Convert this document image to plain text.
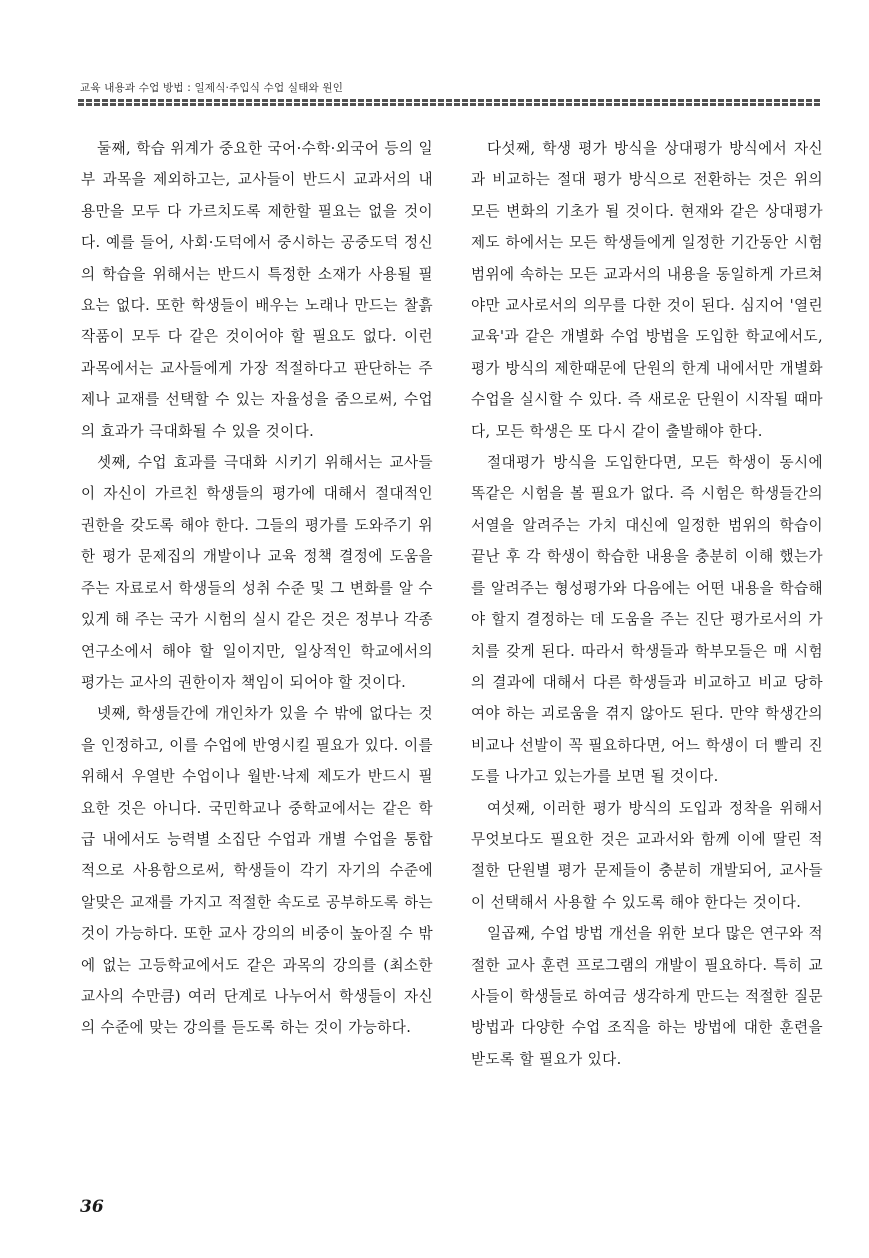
교육 내용과 수업 방법 : 일제식·주입식 수업 실태와 원인

둘째, 학습 위계가 중요한 국어·수학·외국어 등의 일부 과목을 제외하고는, 교사들이 반드시 교과서의 내용만을 모두 다 가르치도록 제한할 필요는 없을 것이다. 예를 들어, 사회·도덕에서 중시하는 공중도덕 정신의 학습을 위해서는 반드시 특정한 소재가 사용될 필요는 없다. 또한 학생들이 배우는 노래나 만드는 찰흙 작품이 모두 다 같은 것이어야 할 필요도 없다. 이런 과목에서는 교사들에게 가장 적절하다고 판단하는 주제나 교재를 선택할 수 있는 자율성을 줌으로써, 수업의 효과가 극대화될 수 있을 것이다.

셋째, 수업 효과를 극대화 시키기 위해서는 교사들이 자신이 가르친 학생들의 평가에 대해서 절대적인 권한을 갖도록 해야 한다. 그들의 평가를 도와주기 위한 평가 문제집의 개발이나 교육 정책 결정에 도움을 주는 자료로서 학생들의 성취 수준 및 그 변화를 알 수 있게 해 주는 국가 시험의 실시 같은 것은 정부나 각종 연구소에서 해야 할 일이지만, 일상적인 학교에서의 평가는 교사의 권한이자 책임이 되어야 할 것이다.

넷째, 학생들간에 개인차가 있을 수 밖에 없다는 것을 인정하고, 이를 수업에 반영시킬 필요가 있다. 이를 위해서 우열반 수업이나 월반·낙제 제도가 반드시 필요한 것은 아니다. 국민학교나 중학교에서는 같은 학급 내에서도 능력별 소집단 수업과 개별 수업을 통합적으로 사용함으로써, 학생들이 각기 자기의 수준에 알맞은 교재를 가지고 적절한 속도로 공부하도록 하는 것이 가능하다. 또한 교사 강의의 비중이 높아질 수 밖에 없는 고등학교에서도 같은 과목의 강의를 (최소한 교사의 수만큼) 여러 단계로 나누어서 학생들이 자신의 수준에 맞는 강의를 듣도록 하는 것이 가능하다.

다섯째, 학생 평가 방식을 상대평가 방식에서 자신과 비교하는 절대 평가 방식으로 전환하는 것은 위의 모든 변화의 기초가 될 것이다. 현재와 같은 상대평가 제도 하에서는 모든 학생들에게 일정한 기간동안 시험 범위에 속하는 모든 교과서의 내용을 동일하게 가르쳐야만 교사로서의 의무를 다한 것이 된다. 심지어 '열린 교육'과 같은 개별화 수업 방법을 도입한 학교에서도, 평가 방식의 제한때문에 단원의 한계 내에서만 개별화 수업을 실시할 수 있다. 즉 새로운 단원이 시작될 때마다, 모든 학생은 또 다시 같이 출발해야 한다.

절대평가 방식을 도입한다면, 모든 학생이 동시에 똑같은 시험을 볼 필요가 없다. 즉 시험은 학생들간의 서열을 알려주는 가치 대신에 일정한 범위의 학습이 끝난 후 각 학생이 학습한 내용을 충분히 이해 했는가를 알려주는 형성평가와 다음에는 어떤 내용을 학습해야 할지 결정하는 데 도움을 주는 진단 평가로서의 가치를 갖게 된다. 따라서 학생들과 학부모들은 매 시험의 결과에 대해서 다른 학생들과 비교하고 비교 당하여야 하는 괴로움을 겪지 않아도 된다. 만약 학생간의 비교나 선발이 꼭 필요하다면, 어느 학생이 더 빨리 진도를 나가고 있는가를 보면 될 것이다.

여섯째, 이러한 평가 방식의 도입과 정착을 위해서 무엇보다도 필요한 것은 교과서와 함께 이에 딸린 적절한 단원별 평가 문제들이 충분히 개발되어, 교사들이 선택해서 사용할 수 있도록 해야 한다는 것이다.

일곱째, 수업 방법 개선을 위한 보다 많은 연구와 적절한 교사 훈련 프로그램의 개발이 필요하다. 특히 교사들이 학생들로 하여금 생각하게 만드는 적절한 질문 방법과 다양한 수업 조직을 하는 방법에 대한 훈련을 받도록 할 필요가 있다.

36
